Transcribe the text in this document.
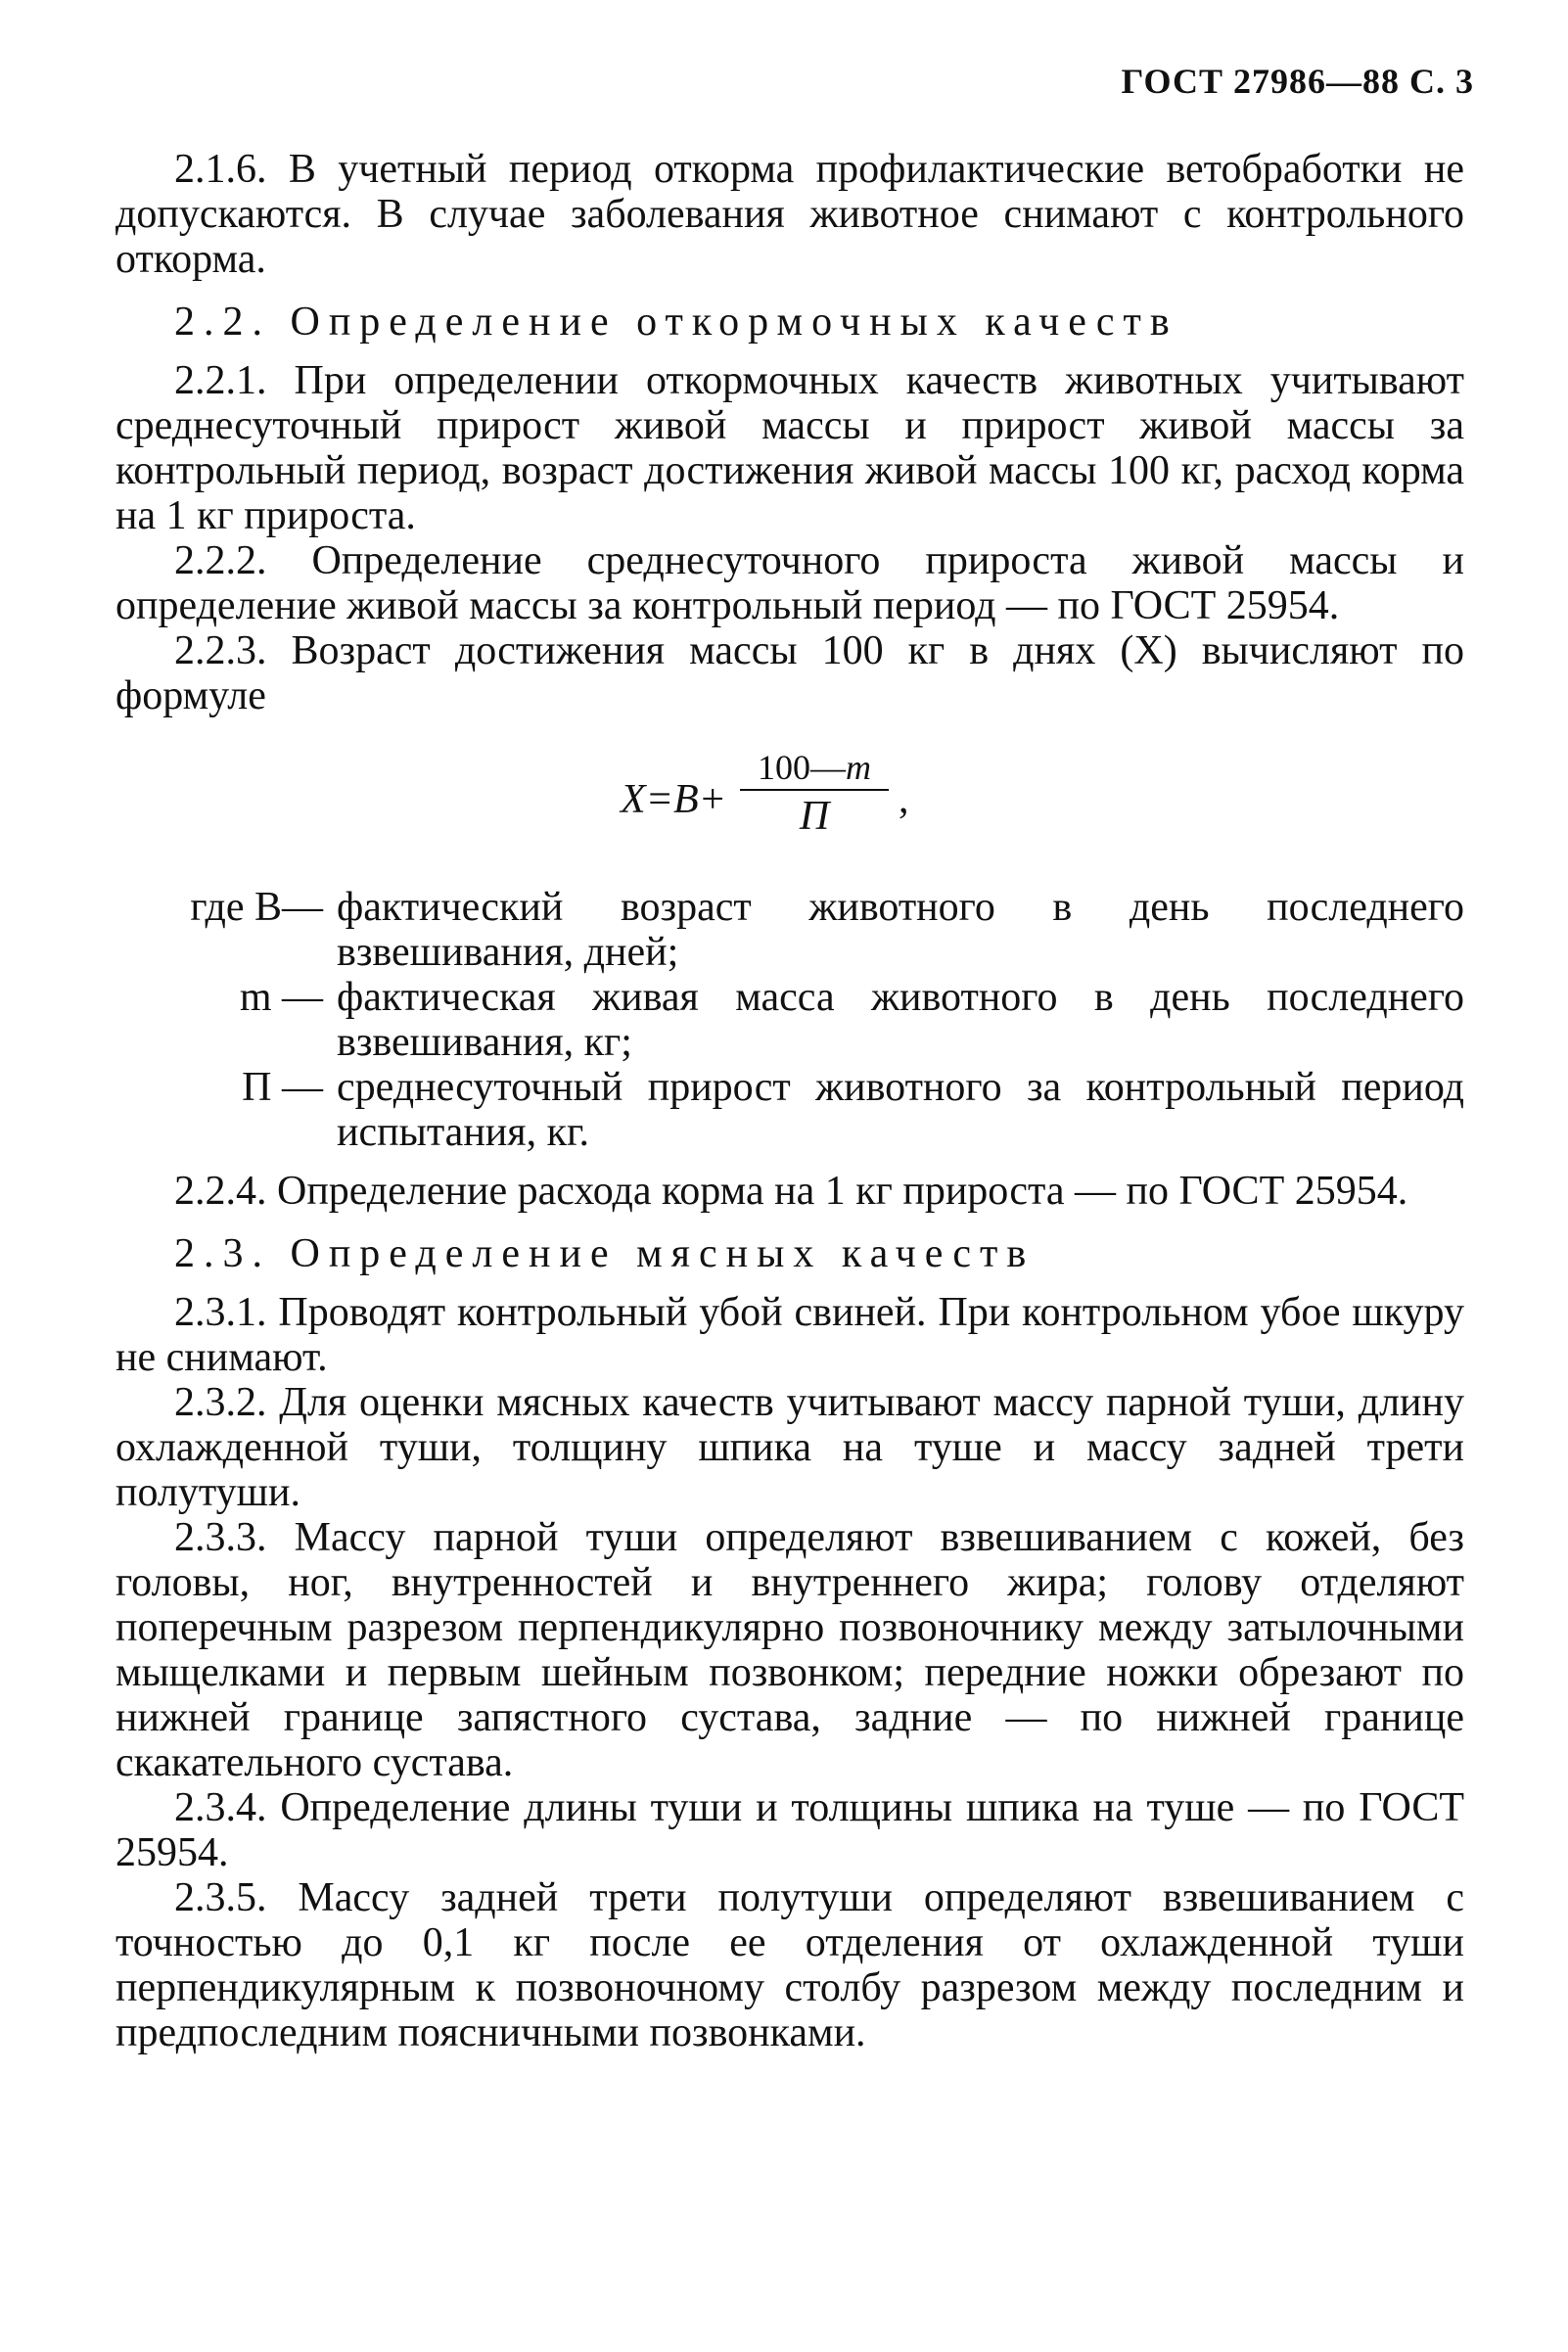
ГОСТ 27986—88 С. 3

2.1.6. В учетный период откорма профилактические ветобработки не допускаются. В случае заболевания животное снимают с контрольного откорма.

2.2. Определение откормочных качеств

2.2.1. При определении откормочных качеств животных учитывают среднесуточный прирост живой массы и прирост живой массы за контрольный период, возраст достижения живой массы 100 кг, расход корма на 1 кг прироста.

2.2.2. Определение среднесуточного прироста живой массы и определение живой массы за контрольный период — по ГОСТ 25954.

2.2.3. Возраст достижения массы 100 кг в днях (X) вычисляют по формуле

X=B+
100—m
П	,
где B— фактический возраст животного в день последнего взвешивания, дней;
m — фактическая живая масса животного в день последнего взвешивания, кг;
П — среднесуточный прирост животного за контрольный период испытания, кг.

2.2.4. Определение расхода корма на 1 кг прироста — по ГОСТ 25954.

2.3. Определение мясных качеств

2.3.1. Проводят контрольный убой свиней. При контрольном убое шкуру не снимают.

2.3.2. Для оценки мясных качеств учитывают массу парной туши, длину охлажденной туши, толщину шпика на туше и массу задней трети полутуши.

2.3.3. Массу парной туши определяют взвешиванием с кожей, без головы, ног, внутренностей и внутреннего жира; голову отделяют поперечным разрезом перпендикулярно позвоночнику между затылочными мыщелками и первым шейным позвонком; передние ножки обрезают по нижней границе запястного сустава, задние — по нижней границе скакательного сустава.

2.3.4. Определение длины туши и толщины шпика на туше — по ГОСТ 25954.

2.3.5. Массу задней трети полутуши определяют взвешиванием с точностью до 0,1 кг после ее отделения от охлажденной туши перпендикулярным к позвоночному столбу разрезом между последним и предпоследним поясничными позвонками.
